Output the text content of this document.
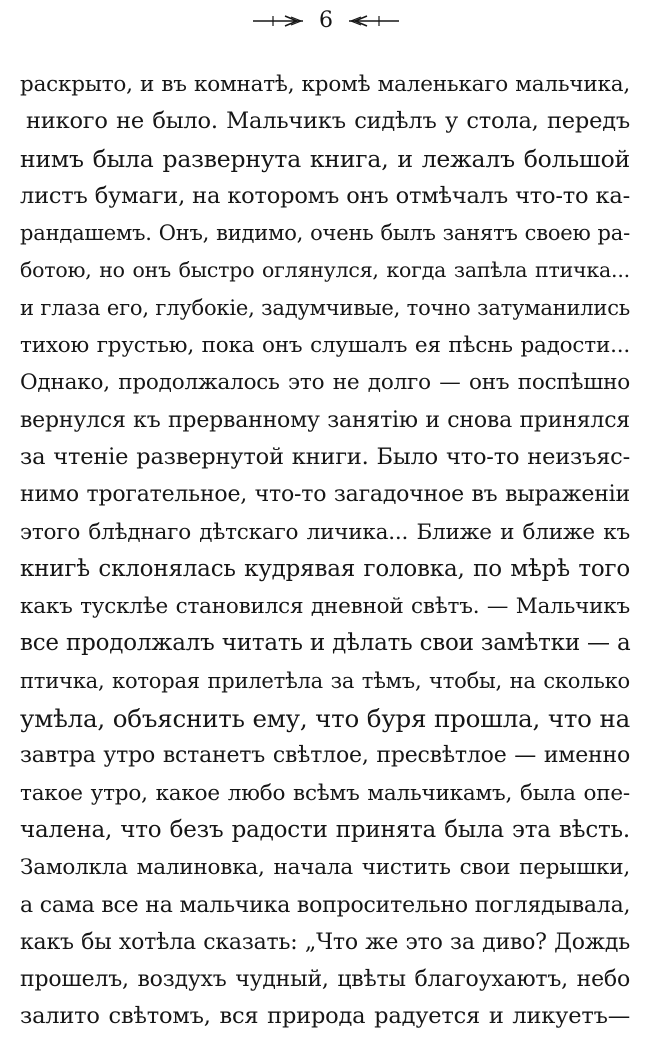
6
раскрыто, и въ комнатѣ, кромѣ маленькаго мальчика,
никого не было. Мальчикъ сидѣлъ у стола, передъ
нимъ была развернута книга, и лежалъ большой
листъ бумаги, на которомъ онъ отмѣчалъ что-то ка-
рандашемъ. Онъ, видимо, очень былъ занятъ своею ра-
ботою, но онъ быстро оглянулся, когда запѣла птичка...
и глаза его, глубокіе, задумчивые, точно затуманились
тихою грустью, пока онъ слушалъ ея пѣснь радости...
Однако, продолжалось это не долго — онъ поспѣшно
вернулся къ прерванному занятію и снова принялся
за чтеніе развернутой книги. Было что-то неизъяс-
нимо трогательное, что-то загадочное въ выраженіи
этого блѣднаго дѣтскаго личика... Ближе и ближе къ
книгѣ склонялась кудрявая головка, по мѣрѣ того
какъ тусклѣе становился дневной свѣтъ. — Мальчикъ
все продолжалъ читать и дѣлать свои замѣтки — а
птичка, которая прилетѣла за тѣмъ, чтобы, на сколько
умѣла, объяснить ему, что буря прошла, что на
завтра утро встанетъ свѣтлое, пресвѣтлое — именно
такое утро, какое любо всѣмъ мальчикамъ, была опе-
чалена, что безъ радости принята была эта вѣсть.
Замолкла малиновка, начала чистить свои перышки,
а сама все на мальчика вопросительно поглядывала,
какъ бы хотѣла сказать: „Что же это за диво? Дождь
прошелъ, воздухъ чудный, цвѣты благоухаютъ, небо
залито свѣтомъ, вся природа радуется и ликуетъ—
